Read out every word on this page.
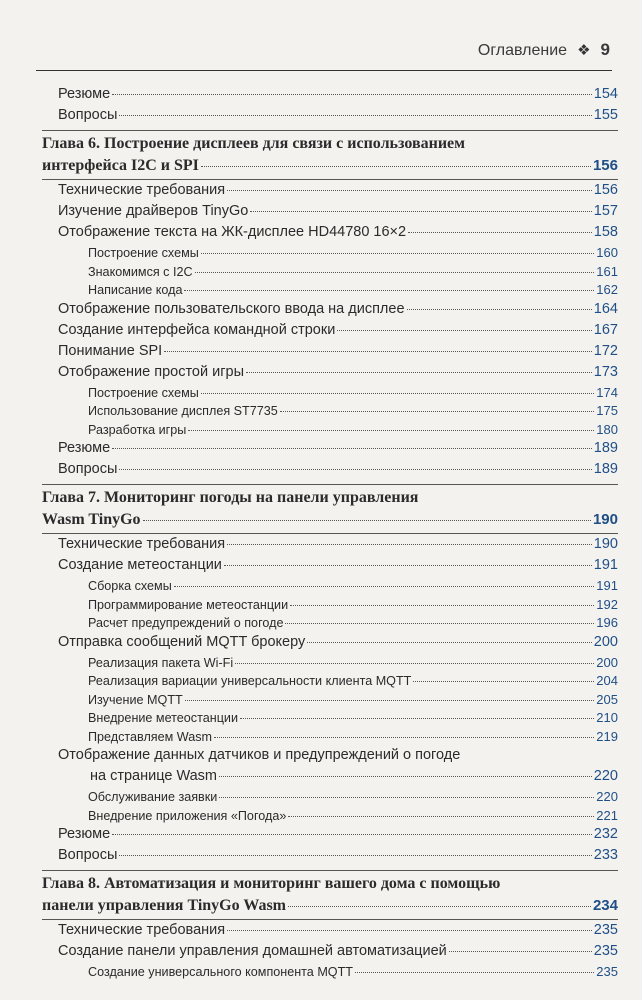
Оглавление ❖ 9
Резюме	154
Вопросы	155
Глава 6. Построение дисплеев для связи с использованием
интерфейса I2C и SPI	156
Технические требования	156
Изучение драйверов TinyGo	157
Отображение текста на ЖК-дисплее HD44780 16×2	158
Построение схемы	160
Знакомимся с I2C	161
Написание кода	162
Отображение пользовательского ввода на дисплее	164
Создание интерфейса командной строки	167
Понимание SPI	172
Отображение простой игры	173
Построение схемы	174
Использование дисплея ST7735	175
Разработка игры	180
Резюме	189
Вопросы	189
Глава 7. Мониторинг погоды на панели управления
Wasm TinyGo	190
Технические требования	190
Создание метеостанции	191
Сборка схемы	191
Программирование метеостанции	192
Расчет предупреждений о погоде	196
Отправка сообщений MQTT брокеру	200
Реализация пакета Wi-Fi	200
Реализация вариации универсальности клиента MQTT	204
Изучение MQTT	205
Внедрение метеостанции	210
Представляем Wasm	219
Отображение данных датчиков и предупреждений о погоде
на странице Wasm	220
Обслуживание заявки	220
Внедрение приложения «Погода»	221
Резюме	232
Вопросы	233
Глава 8. Автоматизация и мониторинг вашего дома с помощью
панели управления TinyGo Wasm	234
Технические требования	235
Создание панели управления домашней автоматизацией	235
Создание универсального компонента MQTT	235
